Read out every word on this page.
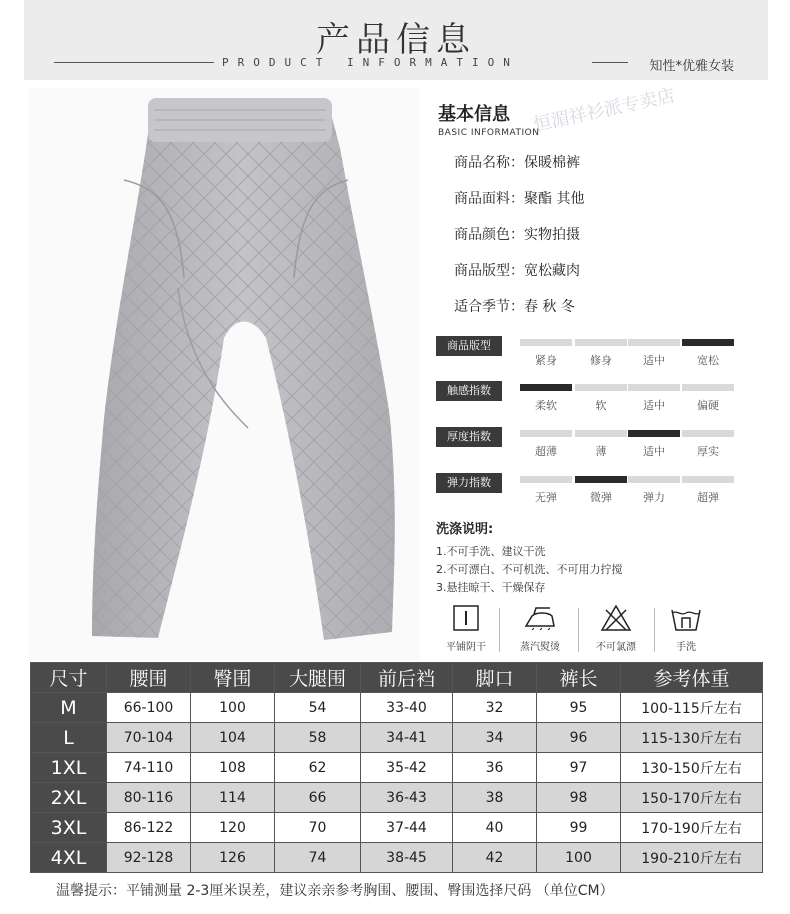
产品信息
PRODUCT INFORMATION	知性*优雅女装
恒湄祥衫派专卖店
基本信息
BASIC INFORMATION
商品名称：保暖棉裤
商品面料：聚酯 其他
商品颜色：实物拍摄
商品版型：宽松藏肉
适合季节：春 秋 冬
商品版型
紧身	修身	适中	宽松
触感指数
柔软	软	适中	偏硬
厚度指数
超薄	薄	适中	厚实
弹力指数
无弹	微弹	弹力	超弹
洗涤说明:
1.不可手洗、建议干洗
2.不可漂白、不可机洗、不可用力拧搅
3.悬挂晾干、干燥保存
平铺阴干	蒸汽熨烫	不可氯漂	手洗
尺寸	腰围	臀围	大腿围	前后裆	脚口	裤长	参考体重
M	66-100	100	54	33-40	32	95	100-115斤左右
L	70-104	104	58	34-41	34	96	115-130斤左右
1XL	74-110	108	62	35-42	36	97	130-150斤左右
2XL	80-116	114	66	36-43	38	98	150-170斤左右
3XL	86-122	120	70	37-44	40	99	170-190斤左右
4XL	92-128	126	74	38-45	42	100	190-210斤左右
温馨提示：平铺测量 2-3厘米误差，建议亲亲参考胸围、腰围、臀围选择尺码 （单位CM）
